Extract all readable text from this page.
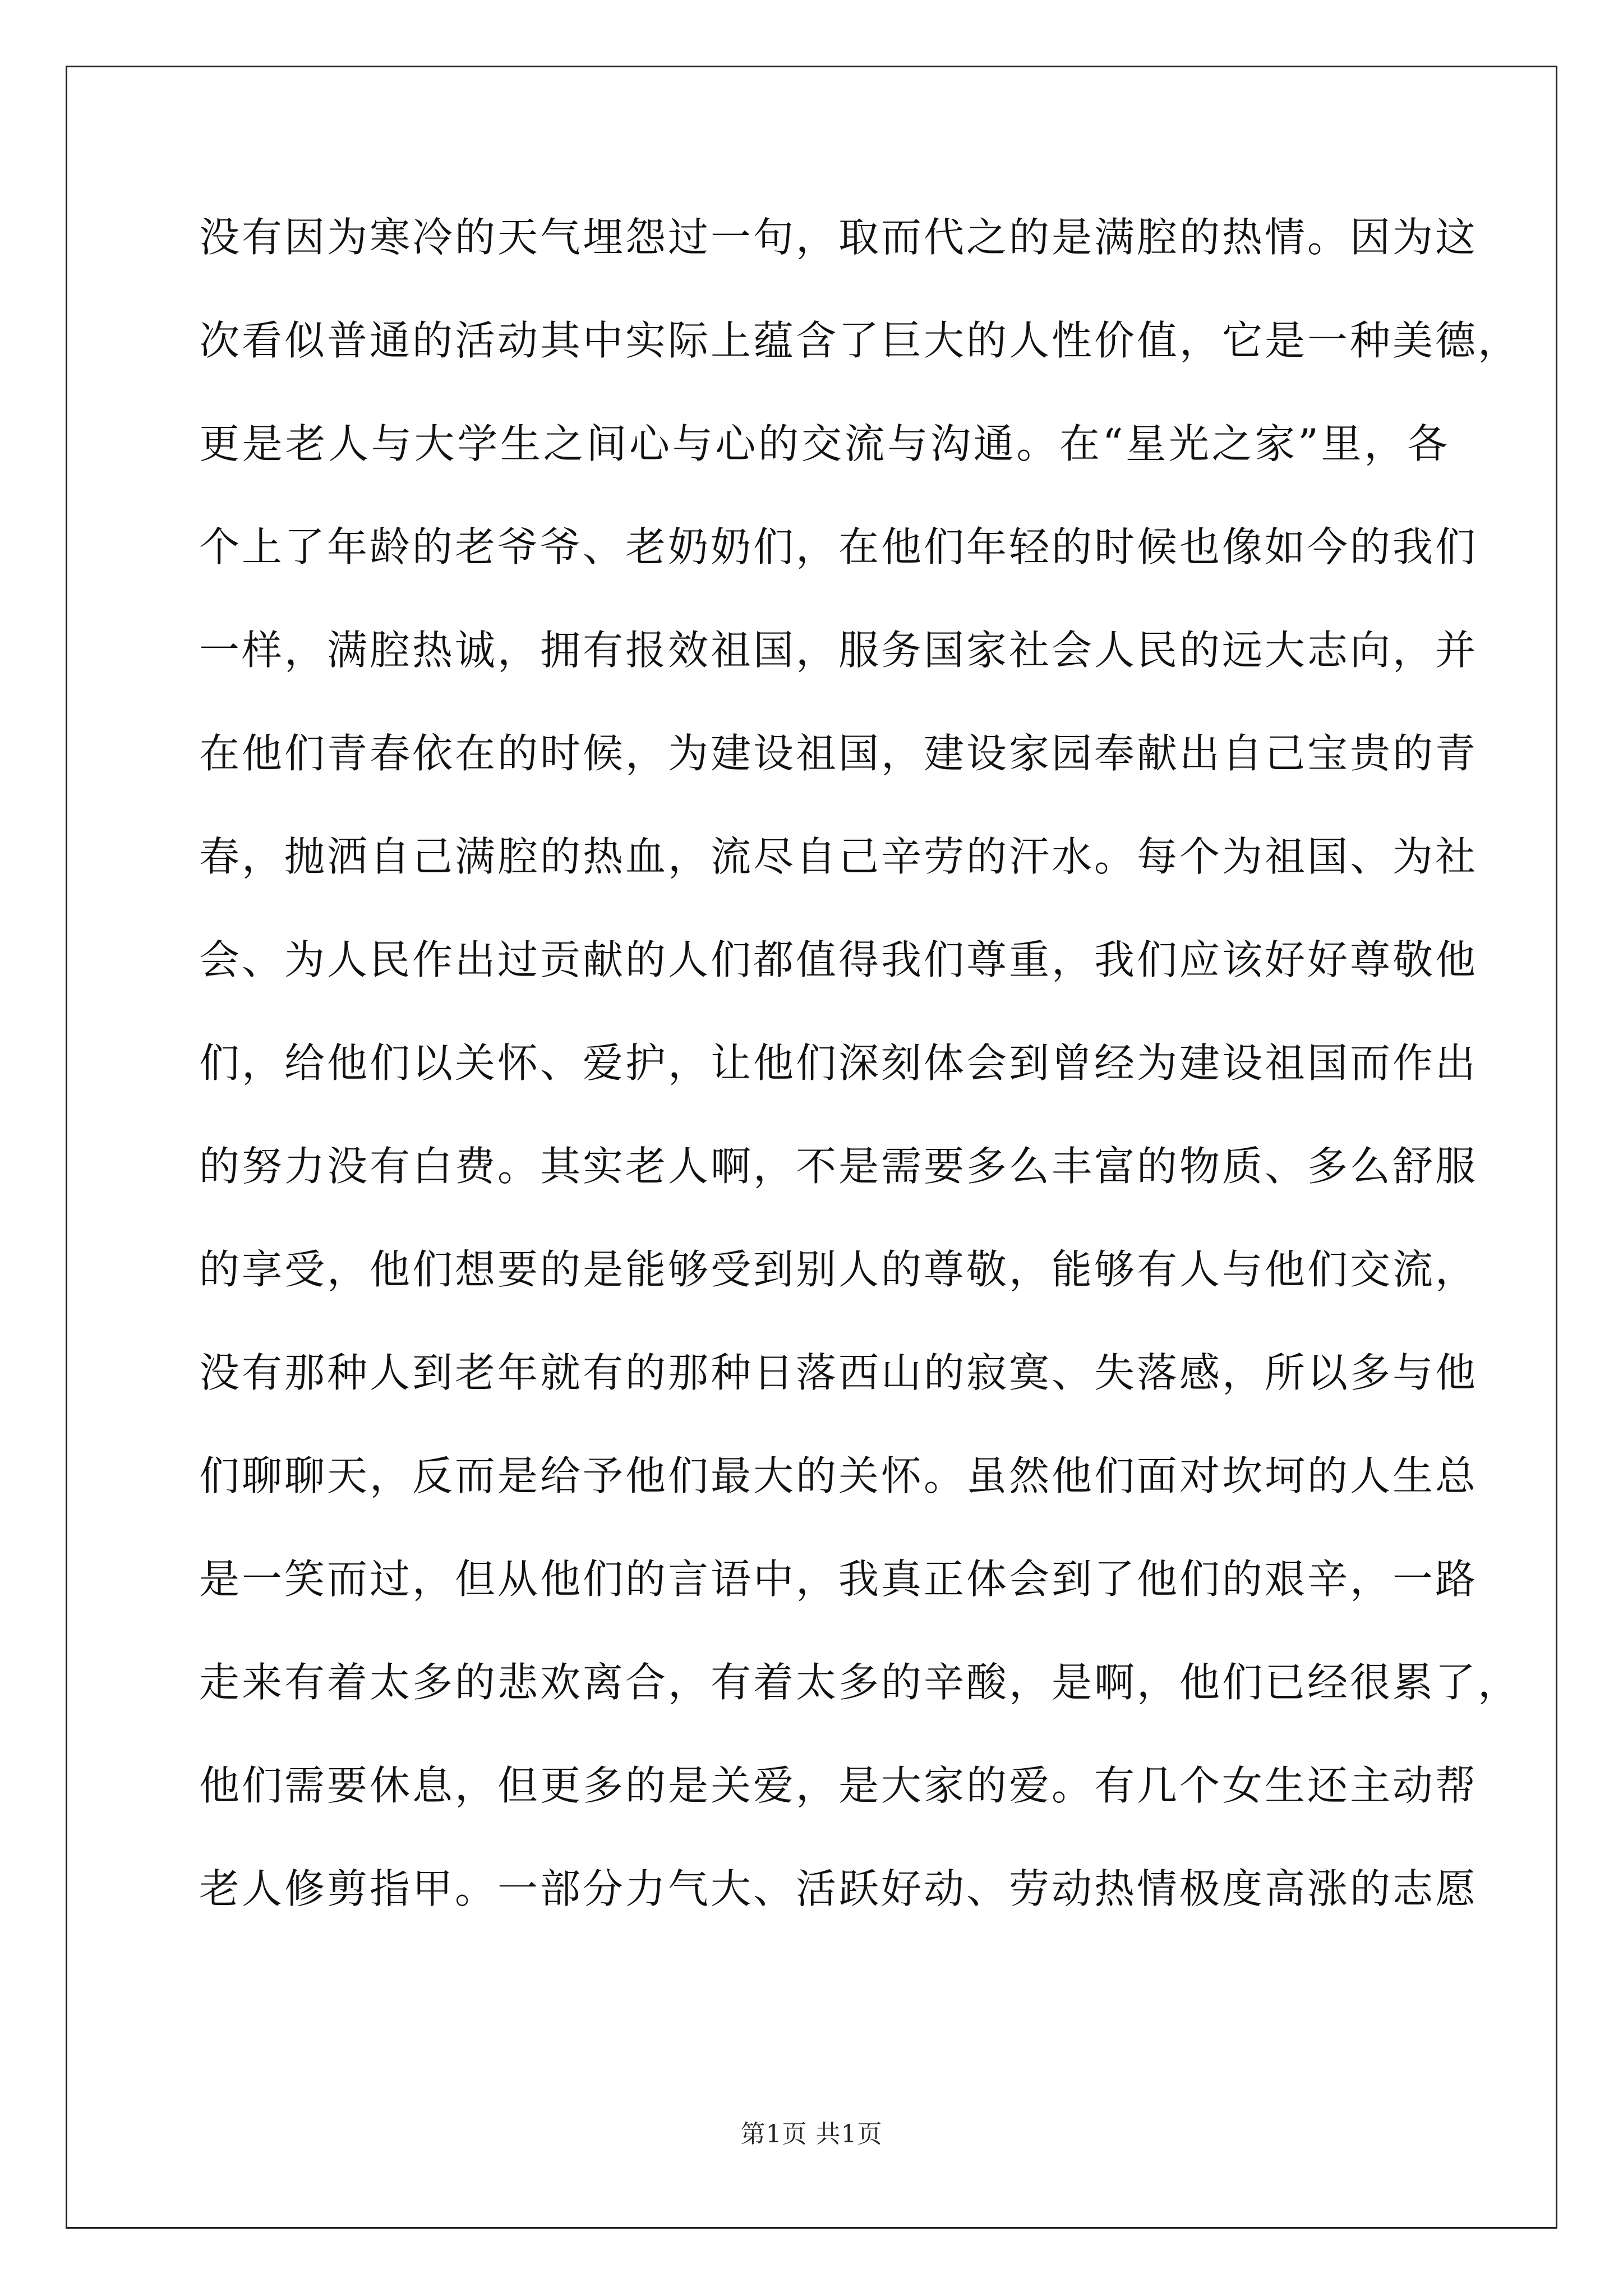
没有因为寒冷的天气埋怨过一句，取而代之的是满腔的热情。因为这
次看似普通的活动其中实际上蕴含了巨大的人性价值，它是一种美德，
更是老人与大学生之间心与心的交流与沟通。在“星光之家”里，各
个上了年龄的老爷爷、老奶奶们，在他们年轻的时候也像如今的我们
一样，满腔热诚，拥有报效祖国，服务国家社会人民的远大志向，并
在他们青春依在的时候，为建设祖国，建设家园奉献出自己宝贵的青
春，抛洒自己满腔的热血，流尽自己辛劳的汗水。每个为祖国、为社
会、为人民作出过贡献的人们都值得我们尊重，我们应该好好尊敬他
们，给他们以关怀、爱护，让他们深刻体会到曾经为建设祖国而作出
的努力没有白费。其实老人啊，不是需要多么丰富的物质、多么舒服
的享受，他们想要的是能够受到别人的尊敬，能够有人与他们交流，
没有那种人到老年就有的那种日落西山的寂寞、失落感，所以多与他
们聊聊天，反而是给予他们最大的关怀。虽然他们面对坎坷的人生总
是一笑而过，但从他们的言语中，我真正体会到了他们的艰辛，一路
走来有着太多的悲欢离合，有着太多的辛酸，是啊，他们已经很累了，
他们需要休息，但更多的是关爱，是大家的爱。有几个女生还主动帮
老人修剪指甲。一部分力气大、活跃好动、劳动热情极度高涨的志愿
第1页 共1页
